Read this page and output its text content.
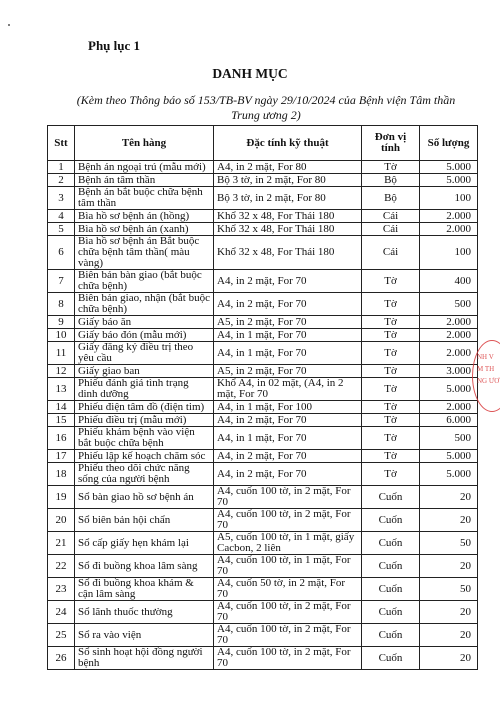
Phụ lục 1
DANH MỤC
(Kèm theo Thông báo số 153/TB-BV ngày 29/10/2024 của Bệnh viện Tâm thần Trung ương 2)
Stt	Tên hàng	Đặc tính kỹ thuật	Đơn vị tính	Số lượng
1	Bệnh án ngoại trú (mẫu mới)	A4, in 2 mặt, For 80	Tờ	5.000
2	Bệnh án tâm thần	Bộ 3 tờ, in 2 mặt, For 80	Bộ	5.000
3	Bệnh án bắt buộc chữa bệnh tâm thần	Bộ 3 tờ, in 2 mặt, For 80	Bộ	100
4	Bìa hồ sơ bệnh án (hồng)	Khổ 32 x 48, For Thái 180	Cái	2.000
5	Bìa hồ sơ bệnh án (xanh)	Khổ 32 x 48, For Thái 180	Cái	2.000
6	Bìa hồ sơ bệnh án Bắt buộc chữa bệnh tâm thần( màu vàng)	Khổ 32 x 48, For Thái 180	Cái	100
7	Biên bản bàn giao (bắt buộc chữa bệnh)	A4, in 2 mặt, For 70	Tờ	400
8	Biên bản giao, nhận (bắt buộc chữa bệnh)	A4, in 2 mặt, For 70	Tờ	500
9	Giấy báo ăn	A5, in 2 mặt, For 70	Tờ	2.000
10	Giấy báo đón (mẫu mới)	A4, in 1 mặt, For 70	Tờ	2.000
11	Giấy đăng ký điều trị theo yêu cầu	A4, in 1 mặt, For 70	Tờ	2.000
12	Giấy giao ban	A5, in 2 mặt, For 70	Tờ	3.000
13	Phiếu đánh giá tình trạng dinh dưỡng	Khổ A4, in 02 mặt, (A4, in 2 mặt, For 70	Tờ	5.000
14	Phiếu điện tâm đồ (điện tim)	A4, in 1 mặt, For 100	Tờ	2.000
15	Phiếu điều trị (mẫu mới)	A4, in 2 mặt, For 70	Tờ	6.000
16	Phiếu khám bệnh vào viện bắt buộc chữa bệnh	A4, in 1 mặt, For 70	Tờ	500
17	Phiếu lập kế hoạch chăm sóc	A4, in 2 mặt, For 70	Tờ	5.000
18	Phiếu theo dõi chức năng sống của người bệnh	A4, in 2 mặt, For 70	Tờ	5.000
19	Sổ bàn giao hồ sơ bệnh án	A4, cuốn 100 tờ, in 2 mặt, For 70	Cuốn	20
20	Sổ biên bản hội chẩn	A4, cuốn 100 tờ, in 2 mặt, For 70	Cuốn	20
21	Sổ cấp giấy hẹn khám lại	A5, cuốn 100 tờ, in 1 mặt, giấy Cacbon, 2 liên	Cuốn	50
22	Sổ đi buồng khoa lâm sàng	A4, cuốn 100 tờ, in 1 mặt, For 70	Cuốn	20
23	Sổ đi buồng khoa khám & cận lâm sàng	A4, cuốn 50 tờ, in 2 mặt, For 70	Cuốn	50
24	Sổ lãnh thuốc thường	A4, cuốn 100 tờ, in 2 mặt, For 70	Cuốn	20
25	Sổ ra vào viện	A4, cuốn 100 tờ, in 2 mặt, For 70	Cuốn	20
26	Sổ sinh hoạt hội đồng người bệnh	A4, cuốn 100 tờ, in 2 mặt, For 70	Cuốn	20
NH V
M TH
NG ƯƠ
